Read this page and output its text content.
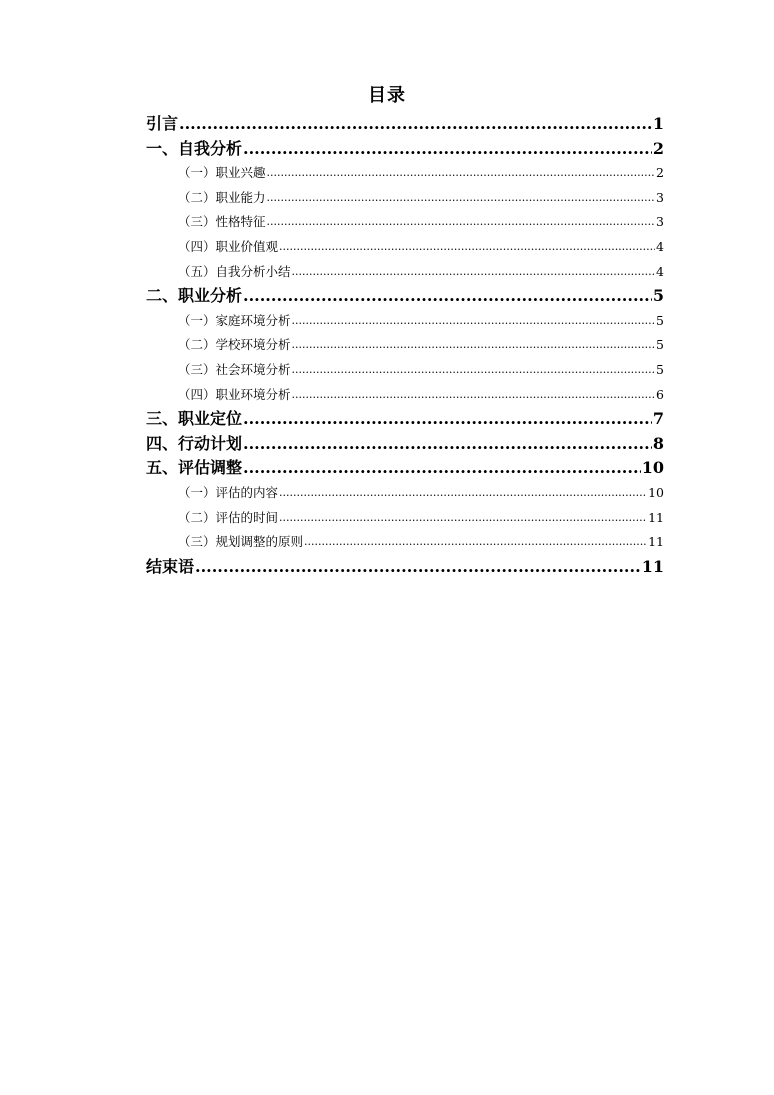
目录
引言 .....	1
一、自我分析 .....	2
（一）职业兴趣 .....	2
（二）职业能力 .....	3
（三）性格特征 .....	3
（四）职业价值观 .....	4
（五）自我分析小结 .....	4
二、职业分析 .....	5
（一）家庭环境分析 .....	5
（二）学校环境分析 .....	5
（三）社会环境分析 .....	5
（四）职业环境分析 .....	6
三、职业定位 .....	7
四、行动计划 .....	8
五、评估调整 .....	10
（一）评估的内容 .....	10
（二）评估的时间 .....	11
（三）规划调整的原则 .....	11
结束语 .....	11
